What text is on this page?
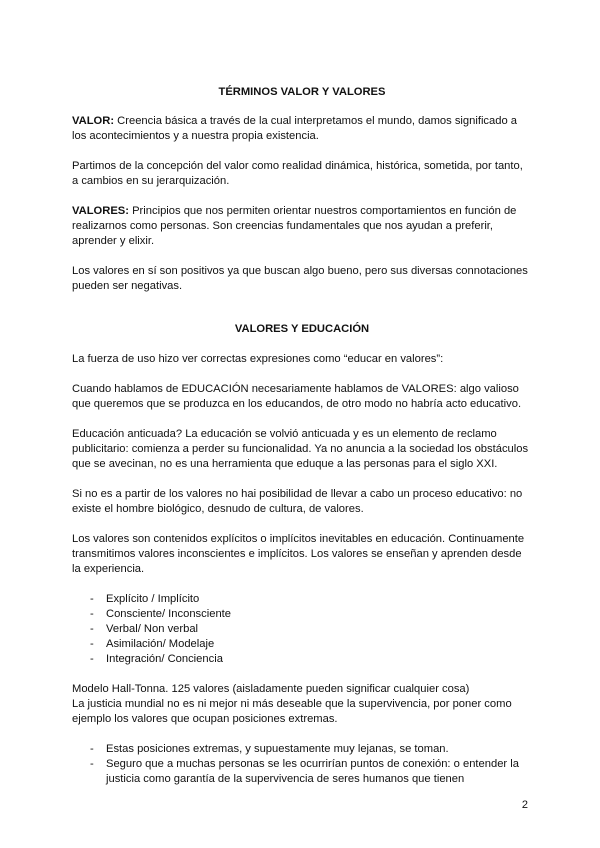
TÉRMINOS VALOR Y VALORES

VALOR: Creencia básica a través de la cual interpretamos el mundo, damos significado a los acontecimientos y a nuestra propia existencia.

Partimos de la concepción del valor como realidad dinámica, histórica, sometida, por tanto, a cambios en su jerarquización.

VALORES: Principios que nos permiten orientar nuestros comportamientos en función de realizarnos como personas. Son creencias fundamentales que nos ayudan a preferir, aprender y elixir.

Los valores en sí son positivos ya que buscan algo bueno, pero sus diversas connotaciones pueden ser negativas.

VALORES Y EDUCACIÓN

La fuerza de uso hizo ver correctas expresiones como “educar en valores”:

Cuando hablamos de EDUCACIÓN necesariamente hablamos de VALORES: algo valioso que queremos que se produzca en los educandos, de otro modo no habría acto educativo.

Educación anticuada? La educación se volvió anticuada y es un elemento de reclamo publicitario: comienza a perder su funcionalidad. Ya no anuncia a la sociedad los obstáculos que se avecinan, no es una herramienta que eduque a las personas para el siglo XXI.

Si no es a partir de los valores no hai posibilidad de llevar a cabo un proceso educativo: no existe el hombre biológico, desnudo de cultura, de valores.

Los valores son contenidos explícitos o implícitos inevitables en educación. Continuamente transmitimos valores inconscientes e implícitos. Los valores se enseñan y aprenden desde la experiencia.

- Explícito / Implícito
- Consciente/ Inconsciente
- Verbal/ Non verbal
- Asimilación/ Modelaje
- Integración/ Conciencia

Modelo Hall-Tonna. 125 valores (aisladamente pueden significar cualquier cosa)

La justicia mundial no es ni mejor ni más deseable que la supervivencia, por poner como ejemplo los valores que ocupan posiciones extremas.

- Estas posiciones extremas, y supuestamente muy lejanas, se toman.
- Seguro que a muchas personas se les ocurrirían puntos de conexión: o entender la justicia como garantía de la supervivencia de seres humanos que tienen
2
